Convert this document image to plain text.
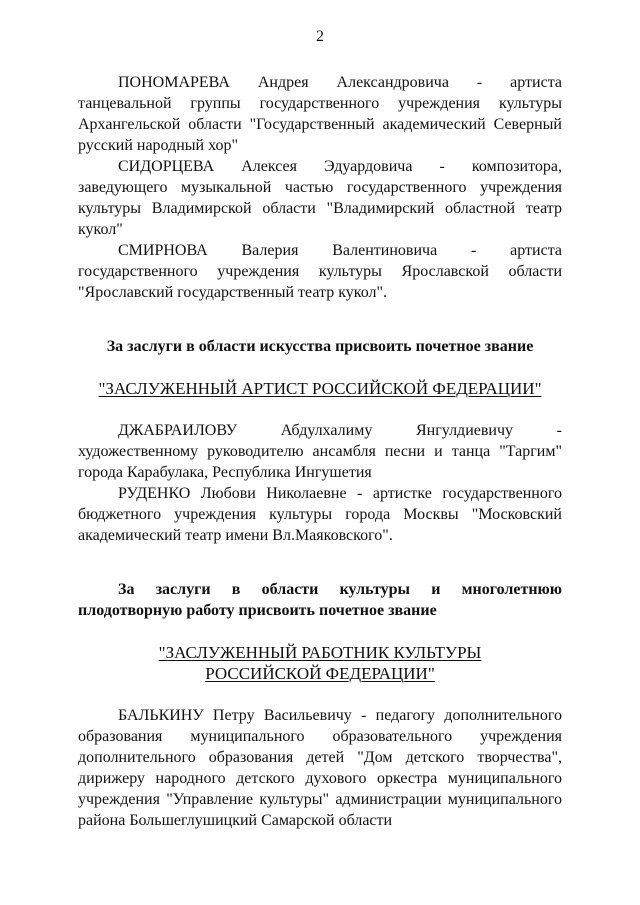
2

ПОНОМАРЕВА Андрея Александровича - артиста танцевальной группы государственного учреждения культуры Архангельской области "Государственный академический Северный русский народный хор"

СИДОРЦЕВА Алексея Эдуардовича - композитора, заведующего музыкальной частью государственного учреждения культуры Владимирской области "Владимирский областной театр кукол"

СМИРНОВА Валерия Валентиновича - артиста государственного учреждения культуры Ярославской области "Ярославский государственный театр кукол".

За заслуги в области искусства присвоить почетное звание

"ЗАСЛУЖЕННЫЙ АРТИСТ РОССИЙСКОЙ ФЕДЕРАЦИИ"

ДЖАБРАИЛОВУ Абдулхалиму Янгулдиевичу - художественному руководителю ансамбля песни и танца "Таргим" города Карабулака, Республика Ингушетия

РУДЕНКО Любови Николаевне - артистке государственного бюджетного учреждения культуры города Москвы "Московский академический театр имени Вл.Маяковского".

За заслуги в области культуры и многолетнюю плодотворную работу присвоить почетное звание

"ЗАСЛУЖЕННЫЙ РАБОТНИК КУЛЬТУРЫ

РОССИЙСКОЙ ФЕДЕРАЦИИ"

БАЛЬКИНУ Петру Васильевичу - педагогу дополнительного образования муниципального образовательного учреждения дополнительного образования детей "Дом детского творчества", дирижеру народного детского духового оркестра муниципального учреждения "Управление культуры" администрации муниципального района Большеглушицкий Самарской области
